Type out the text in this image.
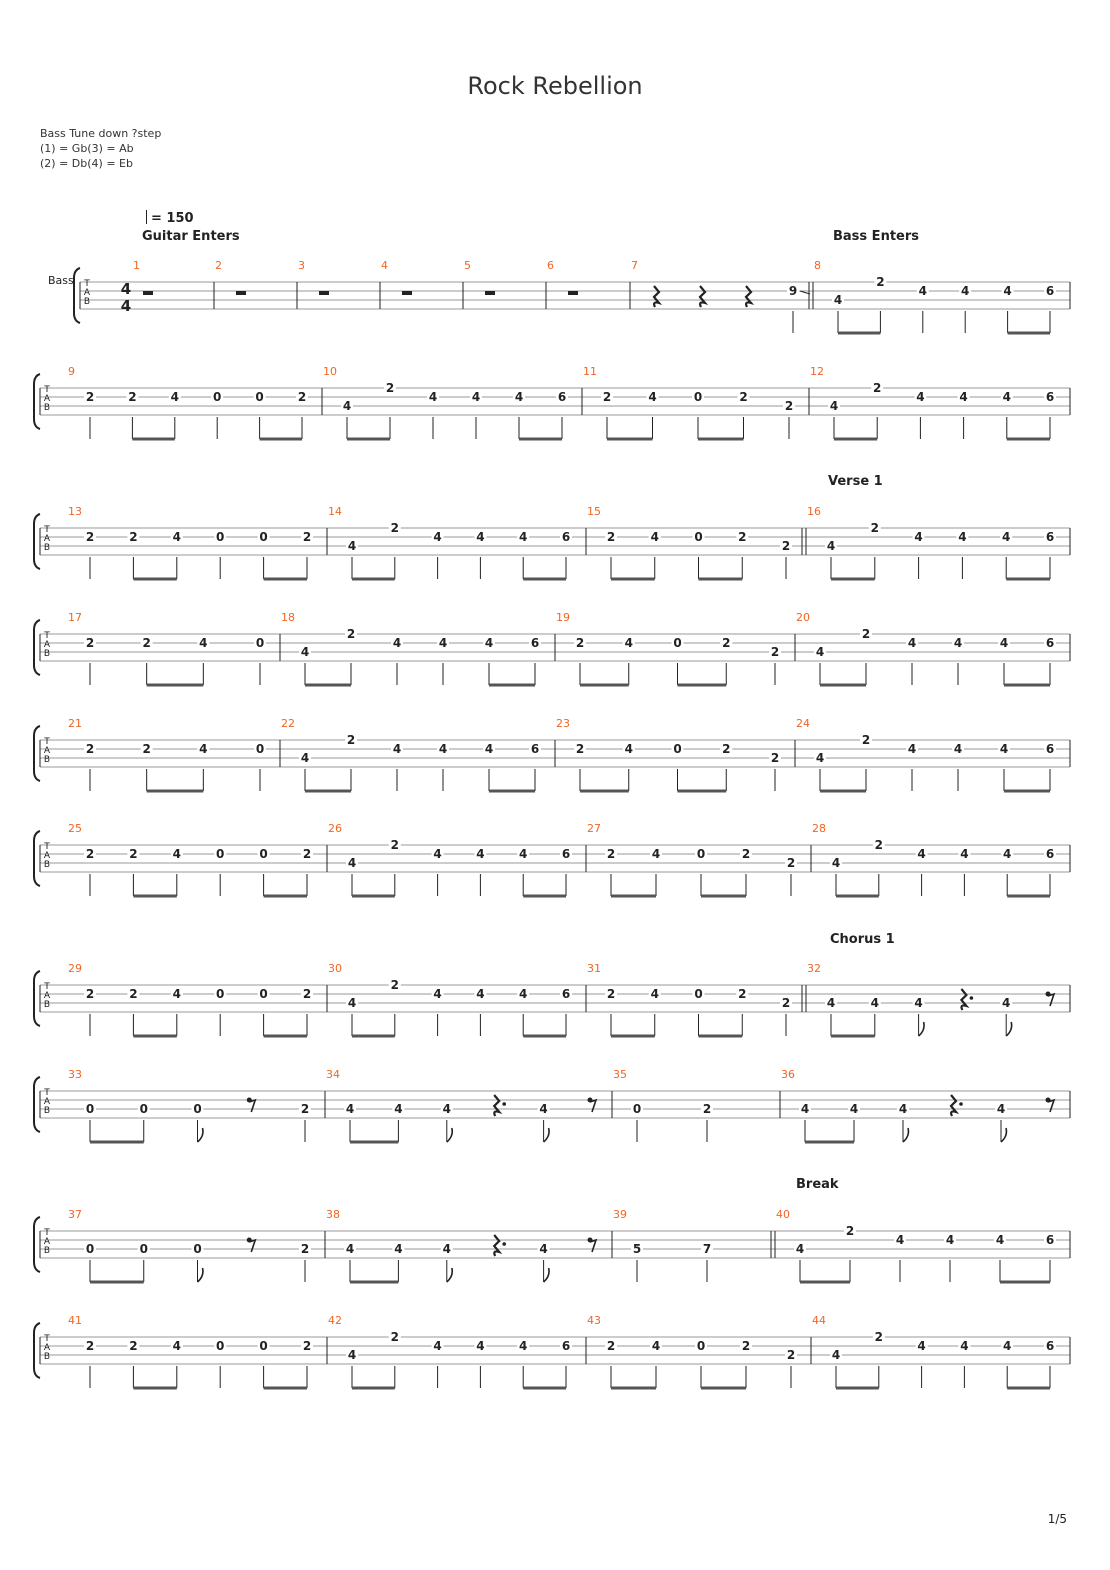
Rock Rebellion
Bass Tune down ?step
(1) = Gb(3) = Ab
(2) = Db(4) = Eb
= 150
Guitar Enters	Bass Enters
Verse 1
Chorus 1
Break
Bass T
A
B
4
4
1	2	3	4	5	6	7
9
8
4
2
4	4	4	6
T
A
B
9
2	2	4	0	0	2
10
4
2
4	4	4	6
11
2	4	0	2
2
12
4
2
4	4	4	6
T
A
B
13
2	2	4	0	0	2
14
4
2
4	4	4	6
15
2	4	0	2
2
16
4
2
4	4	4	6
T
A
B
17
2	2	4	0
18
4
2
4	4	4	6
19
2	4	0	2
2
20
4
2
4	4	4	6
T
A
B
21
2	2	4	0
22
4
2
4	4	4	6
23
2	4	0	2
2
24
4
2
4	4	4	6
T
A
B
25
2	2	4	0	0	2
26
4
2
4	4	4	6
27
2	4	0	2
2
28
4
2
4	4	4	6
T
A
B
29
2	2	4	0	0	2
30
4
2
4	4	4	6
31
2	4	0	2
2
32
4	4	4	4
T
A
B
33
0	0	0	2
34
4	4	4	4
35
0	2
36
4	4	4	4
T
A
B
37
0	0	0	2
38
4	4	4	4
39
5	7
40
4
2
4	4	4	6
T
A
B
41
2	2	4	0	0	2
42
4
2
4	4	4	6
43
2	4	0	2
2
44
4
2
4	4	4	6
1/5
